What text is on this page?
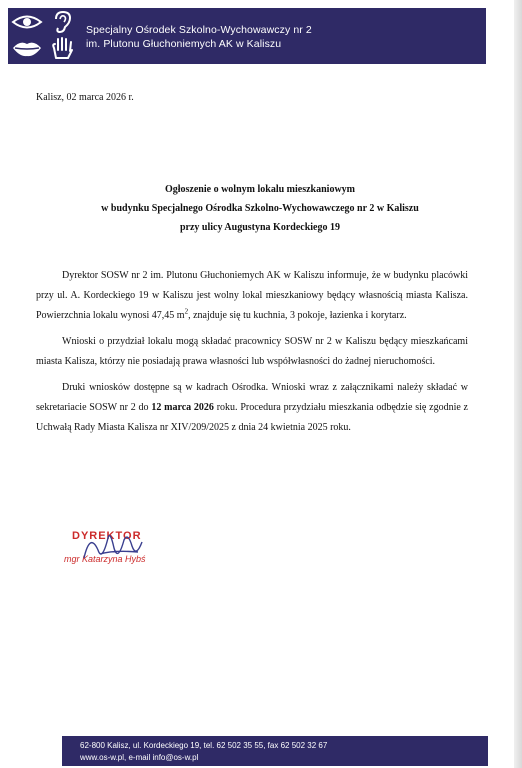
Specjalny Ośrodek Szkolno-Wychowawczy nr 2
im. Plutonu Głuchoniemych AK w Kaliszu
Kalisz, 02 marca 2026 r.
Ogłoszenie o wolnym lokalu mieszkaniowym
w budynku Specjalnego Ośrodka Szkolno-Wychowawczego nr 2 w Kaliszu
przy ulicy Augustyna Kordeckiego 19

Dyrektor SOSW nr 2 im. Plutonu Głuchoniemych AK w Kaliszu informuje, że w budynku placówki przy ul. A. Kordeckiego 19 w Kaliszu jest wolny lokal mieszkaniowy będący własnością miasta Kalisza. Powierzchnia lokalu wynosi 47,45 $m^2$, znajduje się tu kuchnia, 3 pokoje, łazienka i korytarz.

Wnioski o przydział lokalu mogą składać pracownicy SOSW nr 2 w Kaliszu będący mieszkańcami miasta Kalisza, którzy nie posiadają prawa własności lub współwłasności do żadnej nieruchomości.

Druki wniosków dostępne są w kadrach Ośrodka. Wnioski wraz z załącznikami należy składać w sekretariacie SOSW nr 2 do 12 marca 2026 roku. Procedura przydziału mieszkania odbędzie się zgodnie z Uchwałą Rady Miasta Kalisza nr XIV/209/2025 z dnia 24 kwietnia 2025 roku.

DYREKTOR
mgr Katarzyna Hybś
62-800 Kalisz, ul. Kordeckiego 19, tel. 62 502 35 55, fax 62 502 32 67
www.os-w.pl, e-mail info@os-w.pl
